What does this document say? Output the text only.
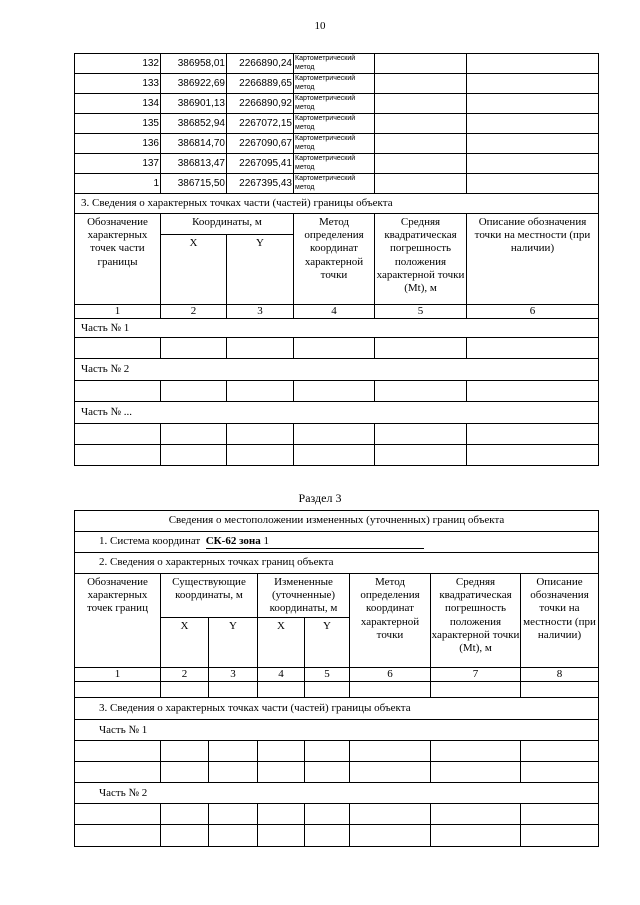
10
132	386958,01	2266890,24	Картометрический метод		
133	386922,69	2266889,65	Картометрический метод		
134	386901,13	2266890,92	Картометрический метод		
135	386852,94	2267072,15	Картометрический метод		
136	386814,70	2267090,67	Картометрический метод		
137	386813,47	2267095,41	Картометрический метод		
1	386715,50	2267395,43	Картометрический метод		
3. Сведения о характерных точках части (частей) границы объекта					
Обозначение характерных точек части границы	Координаты, м		Метод определения координат характерной точки	Средняя квадратическая погрешность положения характерной точки (Mt), м	Описание обозначения точки на местности (при наличии)
	X	Y			
1	2	3	4	5	6
Часть № 1					

Часть № 2					

Часть № ...					

Раздел 3
Сведения о местоположении измененных (уточненных) границ объекта							
1. Система координат СК-62 зона 1							
2. Сведения о характерных точках границ объекта							
Обозначение характерных точек границ	Существующие координаты, м		Измененные (уточненные) координаты, м		Метод определения координат характерной точки	Средняя квадратическая погрешность положения характерной точки (Mt), м	Описание обозначения точки на местности (при наличии)
	X	Y	X	Y			
1	2	3	4	5	6	7	8

3. Сведения о характерных точках части (частей) границы объекта							
Часть № 1							

Часть № 2							
